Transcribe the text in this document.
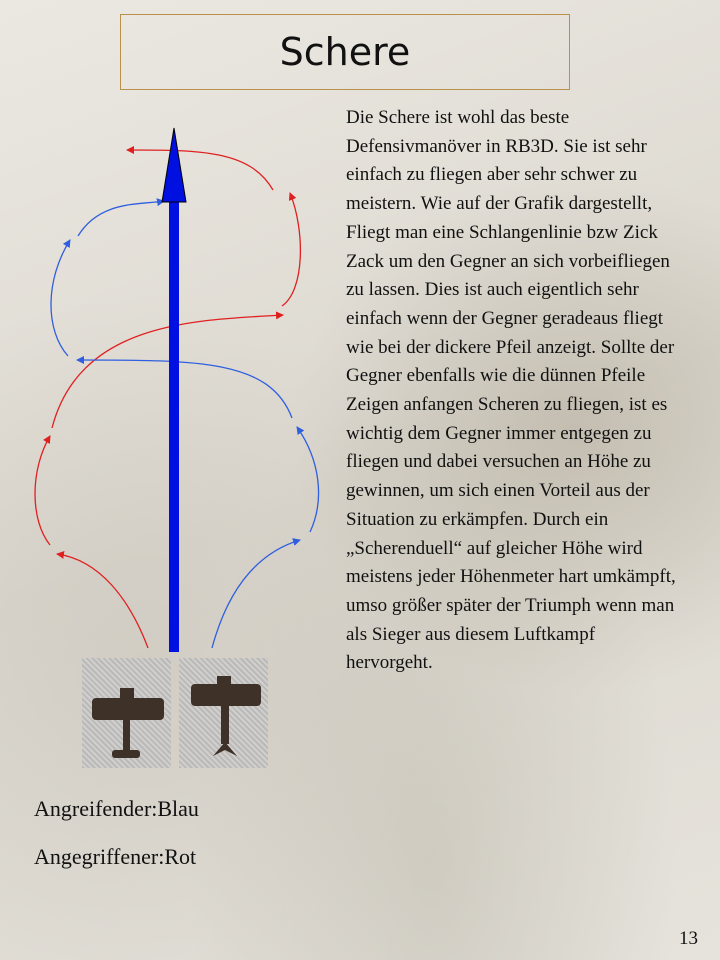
Schere

Die Schere ist wohl das beste Defensivmanöver in RB3D. Sie ist sehr einfach zu fliegen aber sehr schwer zu meistern. Wie auf der Grafik dargestellt, Fliegt man eine Schlangenlinie bzw Zick Zack um den Gegner an sich vorbeifliegen zu lassen. Dies ist auch eigentlich sehr einfach wenn der Gegner geradeaus fliegt wie bei der dickere Pfeil anzeigt. Sollte der Gegner ebenfalls wie die dünnen Pfeile Zeigen anfangen Scheren zu fliegen, ist es wichtig dem Gegner immer entgegen zu fliegen und dabei versuchen an Höhe zu gewinnen, um sich einen Vorteil aus der Situation zu erkämpfen. Durch ein „Scherenduell“ auf gleicher Höhe wird meistens jeder Höhenmeter hart umkämpft, umso größer später der Triumph wenn man als Sieger aus diesem Luftkampf hervorgeht.

Angreifender:Blau
Angegriffener:Rot
13
